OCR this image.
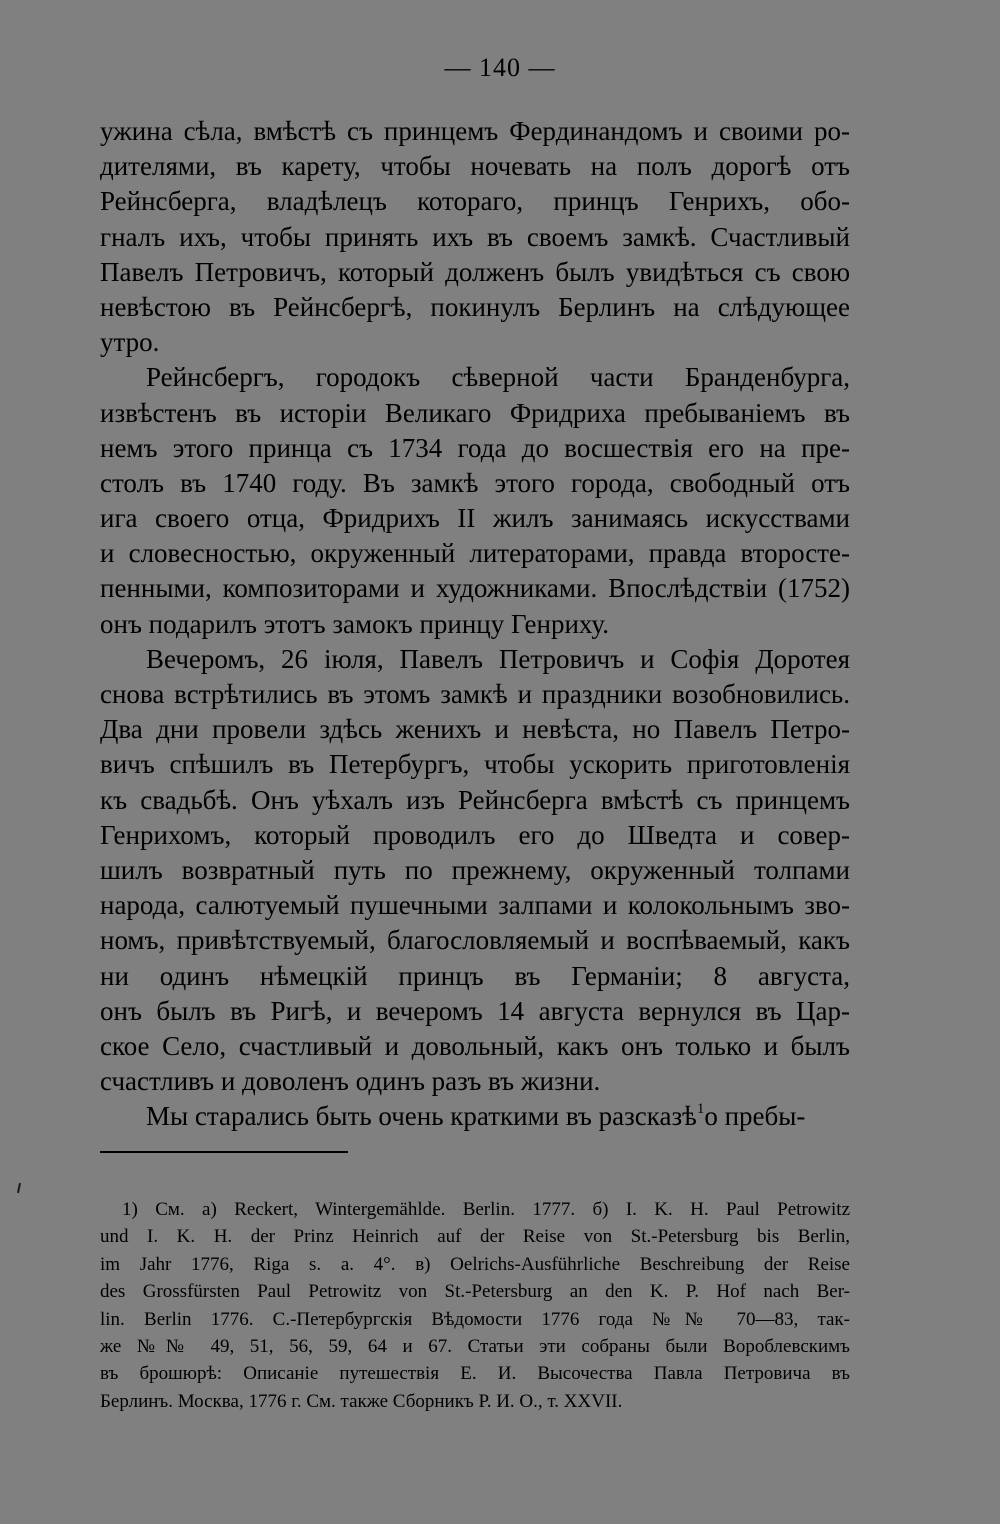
— 140 —
ужина сѣла, вмѣстѣ съ принцемъ Фердинандомъ и своими ро-
дителями, въ карету, чтобы ночевать на полъ дорогѣ отъ
Рейнсберга, владѣлецъ котораго, принцъ Генрихъ, обо-
гналъ ихъ, чтобы принять ихъ въ своемъ замкѣ. Счастливый
Павелъ Петровичъ, который долженъ былъ увидѣться съ свою
невѣстою въ Рейнсбергѣ, покинулъ Берлинъ на слѣдующее
утро.
Рейнсбергъ, городокъ сѣверной части Бранденбурга,
извѣстенъ въ исторіи Великаго Фридриха пребываніемъ въ
немъ этого принца съ 1734 года до восшествія его на пре-
столъ въ 1740 году. Въ замкѣ этого города, свободный отъ
ига своего отца, Фридрихъ II жилъ занимаясь искусствами
и словесностью, окруженный литераторами, правда второсте-
пенными, композиторами и художниками. Впослѣдствіи (1752)
онъ подарилъ этотъ замокъ принцу Генриху.
Вечеромъ, 26 іюля, Павелъ Петровичъ и Софія Доротея
снова встрѣтились въ этомъ замкѣ и праздники возобновились.
Два дни провели здѣсь женихъ и невѣста, но Павелъ Петро-
вичъ спѣшилъ въ Петербургъ, чтобы ускорить приготовленія
къ свадьбѣ. Онъ уѣхалъ изъ Рейнсберга вмѣстѣ съ принцемъ
Генрихомъ, который проводилъ его до Шведта и совер-
шилъ возвратный путь по прежнему, окруженный толпами
народа, салютуемый пушечными залпами и колокольнымъ зво-
номъ, привѣтствуемый, благословляемый и воспѣваемый, какъ
ни одинъ нѣмецкій принцъ въ Германіи; 8 августа,
онъ былъ въ Ригѣ, и вечеромъ 14 августа вернулся въ Цар-
ское Село, счастливый и довольный, какъ онъ только и былъ
счастливъ и доволенъ одинъ разъ въ жизни.
Мы старались быть очень краткими въ разсказѣ$^1$о пребы-
1) См. а) Reckert, Wintergemählde. Berlin. 1777. б) I. K. H. Paul Petrowitz
und I. K. H. der Prinz Heinrich auf der Reise von St.-Petersburg bis Berlin,
im Jahr 1776, Riga s. a. 4°. в) Oelrichs-Ausführliche Beschreibung der Reise
des Grossfürsten Paul Petrowitz von St.-Petersburg an den K. P. Hof nach Ber-
lin. Berlin 1776. С.-Петербургскія Вѣдомости 1776 года №№ 70—83, так-
же №№ 49, 51, 56, 59, 64 и 67. Статьи эти собраны были Вороблевскимъ
въ брошюрѣ: Описаніе путешествія Е. И. Высочества Павла Петровича въ
Берлинъ. Москва, 1776 г. См. также Сборникъ Р. И. О., т. XXVII.
